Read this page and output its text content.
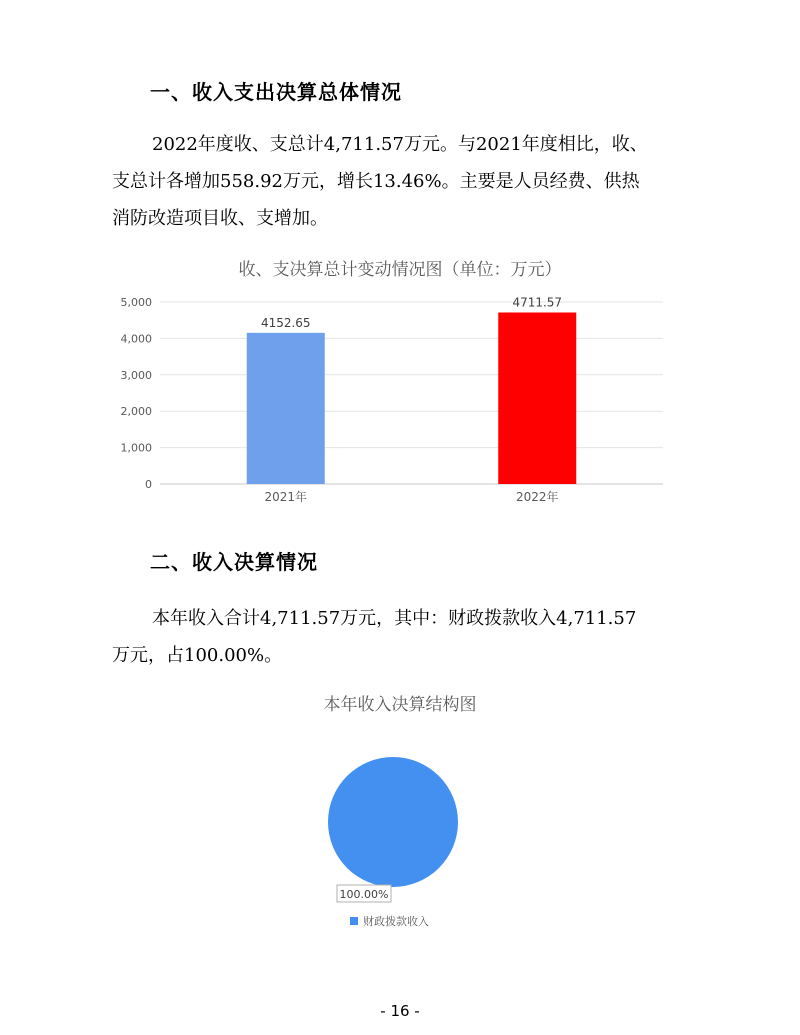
一、收入支出决算总体情况
2022年度收、支总计4,711.57万元。与2021年度相比，收、
支总计各增加558.92万元，增长13.46%。主要是人员经费、供热
消防改造项目收、支增加。
收、支决算总计变动情况图（单位：万元）
0
1,000
2,000
3,000
4,000
5,000
4152.65
2021年
4711.57
2022年
二、收入决算情况
本年收入合计4,711.57万元，其中：财政拨款收入4,711.57
万元，占100.00%。
本年收入决算结构图
100.00%
财政拨款收入
- 16 -
